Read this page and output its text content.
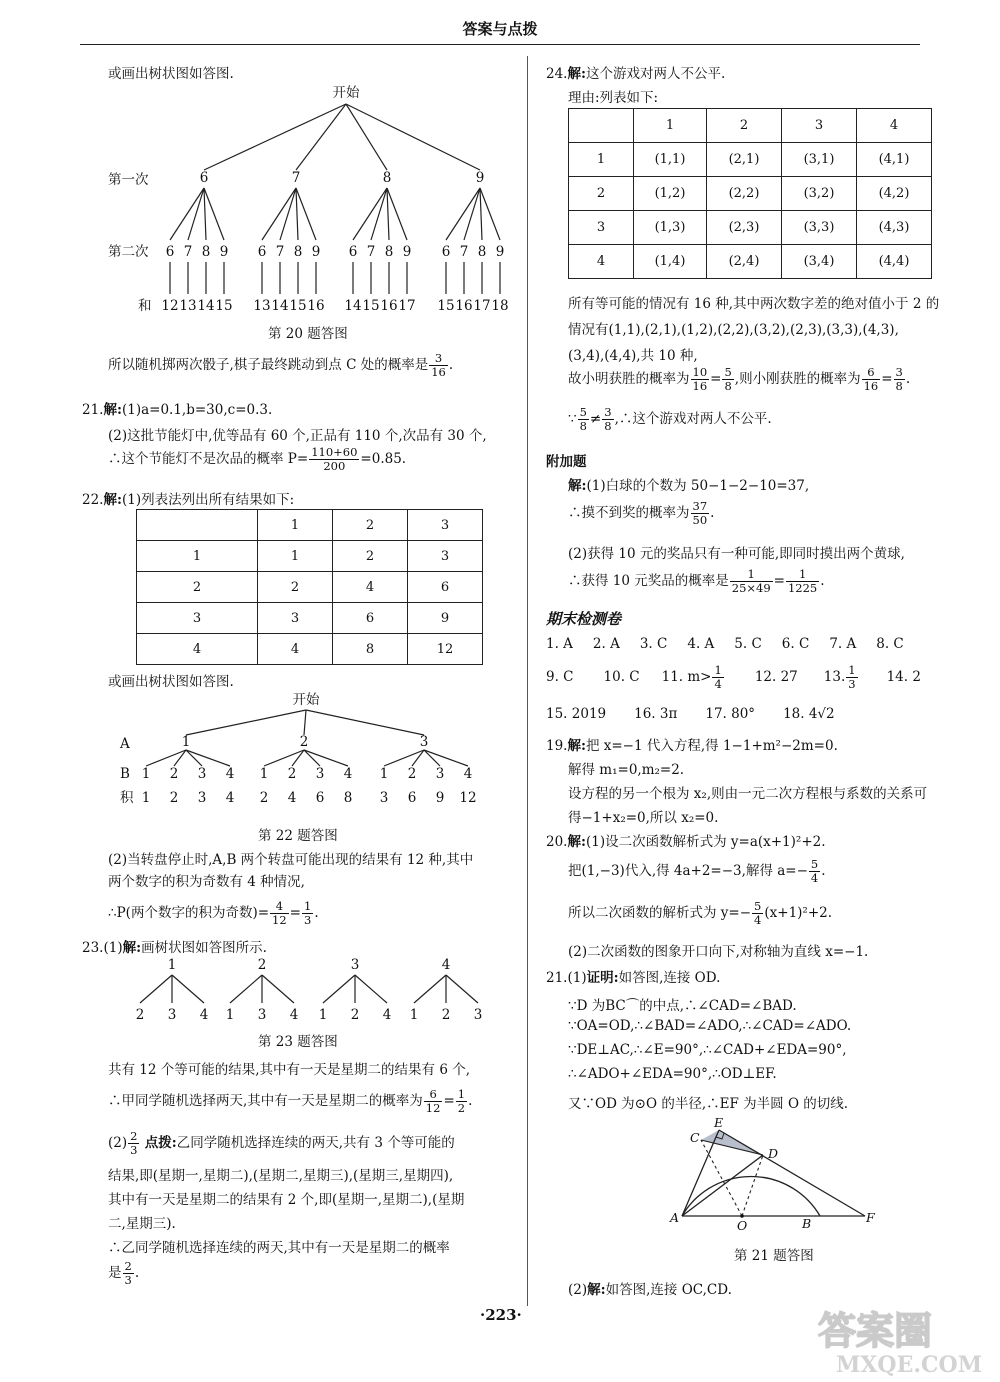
答案与点拨
或画出树状图如答图.
开始
第一次
第二次
和
6
6
12
7
13
8
14
9
15
7
6
13
7
14
8
15
9
16
8
6
14
7
15
8
16
9
17
9
6
15
7
16
8
17
9
18
第 20 题答图
所以随机掷两次骰子,棋子最终跳动到点 C 处的概率是 $\frac{3}{16}$ .
21.解:(1)a=0.1,b=30,c=0.3.
(2)这批节能灯中,优等品有 60 个,正品有 110 个,次品有 30 个,
∴这个节能灯不是次品的概率 $P= \frac{110+60}{200} =0.85$.
22.解:(1)列表法列出所有结果如下:
	1	2	3
1	1	2	3
2	2	4	6
3	3	6	9
4	4	8	12
或画出树状图如答图.
开始
A
B
积
1
1
1
2
2
3
3
4
4
2
1
2
2
4
3
6
4
8
3
1
3
2
6
3
9
4
12
第 22 题答图
(2)当转盘停止时,A,B 两个转盘可能出现的结果有 12 种,其中
两个数字的积为奇数有 4 种情况,
∴P(两个数字的积为奇数)= $\frac{4}{12} = \frac{1}{3}$ .
23.(1)解:画树状图如答图所示.
1
2 3 4
2
1 3 4
3
1 2 4
4
1 2 3
第 23 题答图
共有 12 个等可能的结果,其中有一天是星期二的结果有 6 个,
∴甲同学随机选择两天,其中有一天是星期二的概率为 $\frac{6}{12} = \frac{1}{2}$ .
$(2) \frac{2}{3}$ 点拨:乙同学随机选择连续的两天,共有 3 个等可能的
结果,即(星期一,星期二),(星期二,星期三),(星期三,星期四),
其中有一天是星期二的结果有 2 个,即(星期一,星期二),(星期
二,星期三).
∴乙同学随机选择连续的两天,其中有一天是星期二的概率
是 $\frac{2}{3}$ .
24.解:这个游戏对两人不公平.
理由:列表如下:
	1	2	3	4
1	(1,1)	(2,1)	(3,1)	(4,1)
2	(1,2)	(2,2)	(3,2)	(4,2)
3	(1,3)	(2,3)	(3,3)	(4,3)
4	(1,4)	(2,4)	(3,4)	(4,4)
所有等可能的情况有 16 种,其中两次数字差的绝对值小于 2 的
情况有(1,1),(2,1),(1,2),(2,2),(3,2),(2,3),(3,3),(4,3),
(3,4),(4,4),共 10 种,
故小明获胜的概率为 $\frac{10}{16} = \frac{5}{8}$ ,则小刚获胜的概率为 $\frac{6}{16} = \frac{3}{8}$ .
∵ $\frac{5}{8} \ne \frac{3}{8}$ ,∴这个游戏对两人不公平.
附加题
解:(1)白球的个数为 50−1−2−10=37,
∴摸不到奖的概率为 $\frac{37}{50}$ .
(2)获得 10 元的奖品只有一种可能,即同时摸出两个黄球,
∴获得 10 元奖品的概率是 $\frac{1}{25\times 49} = \frac{1}{1225}$ .
期末检测卷
1. A 2. A 3. C 4. A 5. C 6. C 7. A 8. C
9. C 10. C 11. $m> \frac{1}{4} 12$. 27 13. $\frac{1}{3} 14$. 2
15. 2019 16. 3π 17. 80° 18. 4√2
19.解:把 x=−1 代入方程,得 1−1+m²−2m=0.
解得 m₁=0,m₂=2.
设方程的另一个根为 x₂,则由一元二次方程根与系数的关系可
得−1+x₂=0,所以 x₂=0.
20.解:(1)设二次函数解析式为 y=a(x+1)²+2.
把(1,−3)代入,得 4a+2=−3,解得 $a=- \frac{5}{4}$ .
所以二次函数的解析式为 $y=- \frac{5}{4} (x+1)^2+2$.
(2)二次函数的图象开口向下,对称轴为直线 x=−1.
21.(1)证明:如答图,连接 OD.
∵D 为BC⌒的中点,∴∠CAD=∠BAD.
∵OA=OD,∴∠BAD=∠ADO,∴∠CAD=∠ADO.
∵DE⊥AC,∴∠E=90°,∴∠CAD+∠EDA=90°,
∴∠ADO+∠EDA=90°,∴OD⊥EF.
又∵OD 为⊙O 的半径,∴EF 为半圆 O 的切线.
E
C
D
A
O	B	F
第 21 题答图
(2)解:如答图,连接 OC,CD.
·223·	答案圈
MXQE.COM
